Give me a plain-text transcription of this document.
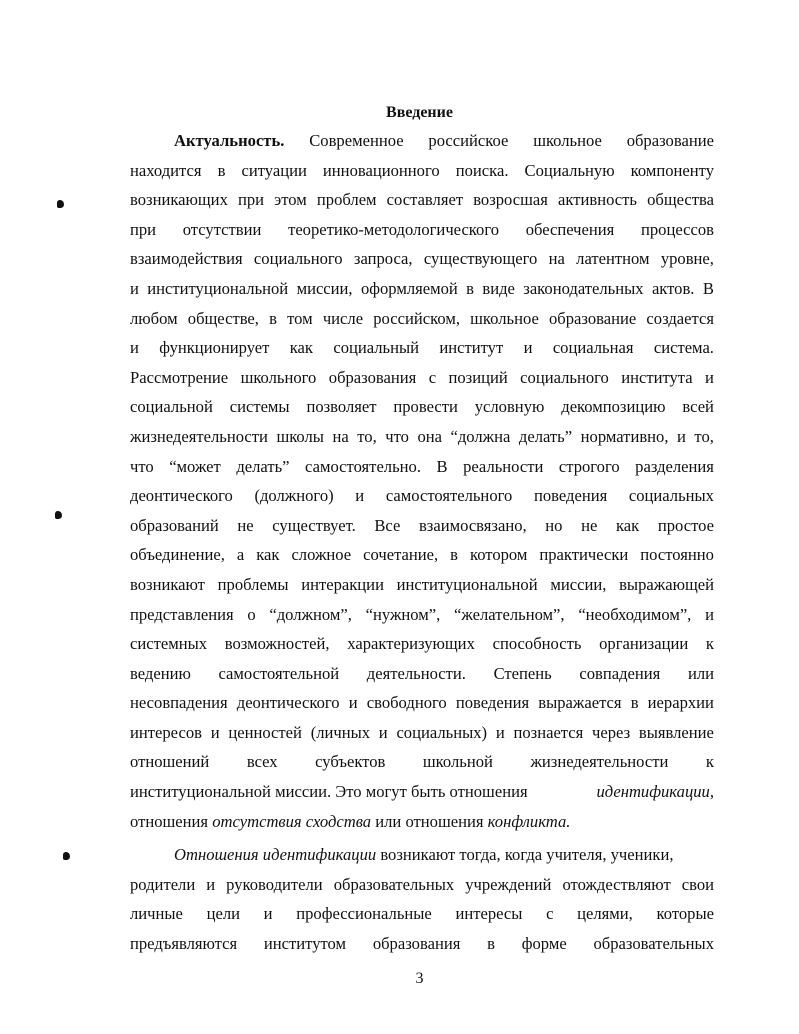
Введение
Актуальность. Современное российское школьное образование
находится в ситуации инновационного поиска. Социальную компоненту
возникающих при этом проблем составляет возросшая активность общества
при отсутствии теоретико-методологического обеспечения процессов
взаимодействия социального запроса, существующего на латентном уровне,
и институциональной миссии, оформляемой в виде законодательных актов. В
любом обществе, в том числе российском, школьное образование создается
и функционирует как социальный институт и социальная система.
Рассмотрение школьного образования с позиций социального института и
социальной системы позволяет провести условную декомпозицию всей
жизнедеятельности школы на то, что она “должна делать” нормативно, и то,
что “может делать” самостоятельно. В реальности строгого разделения
деонтического (должного) и самостоятельного поведения социальных
образований не существует. Все взаимосвязано, но не как простое
объединение, а как сложное сочетание, в котором практически постоянно
возникают проблемы интеракции институциональной миссии, выражающей
представления о “должном”, “нужном”, “желательном”, “необходимом”, и
системных возможностей, характеризующих способность организации к
ведению самостоятельной деятельности. Степень совпадения или
несовпадения деонтического и свободного поведения выражается в иерархии
интересов и ценностей (личных и социальных) и познается через выявление
отношений всех субъектов школьной жизнедеятельности к
институциональной миссии. Это могут быть отношения	идентификации,
отношения отсутствия сходства или отношения конфликта.
Отношения идентификации возникают тогда, когда учителя, ученики,
родители и руководители образовательных учреждений отождествляют свои
личные цели и профессиональные интересы с целями, которые
предъявляются институтом образования в форме образовательных
3
